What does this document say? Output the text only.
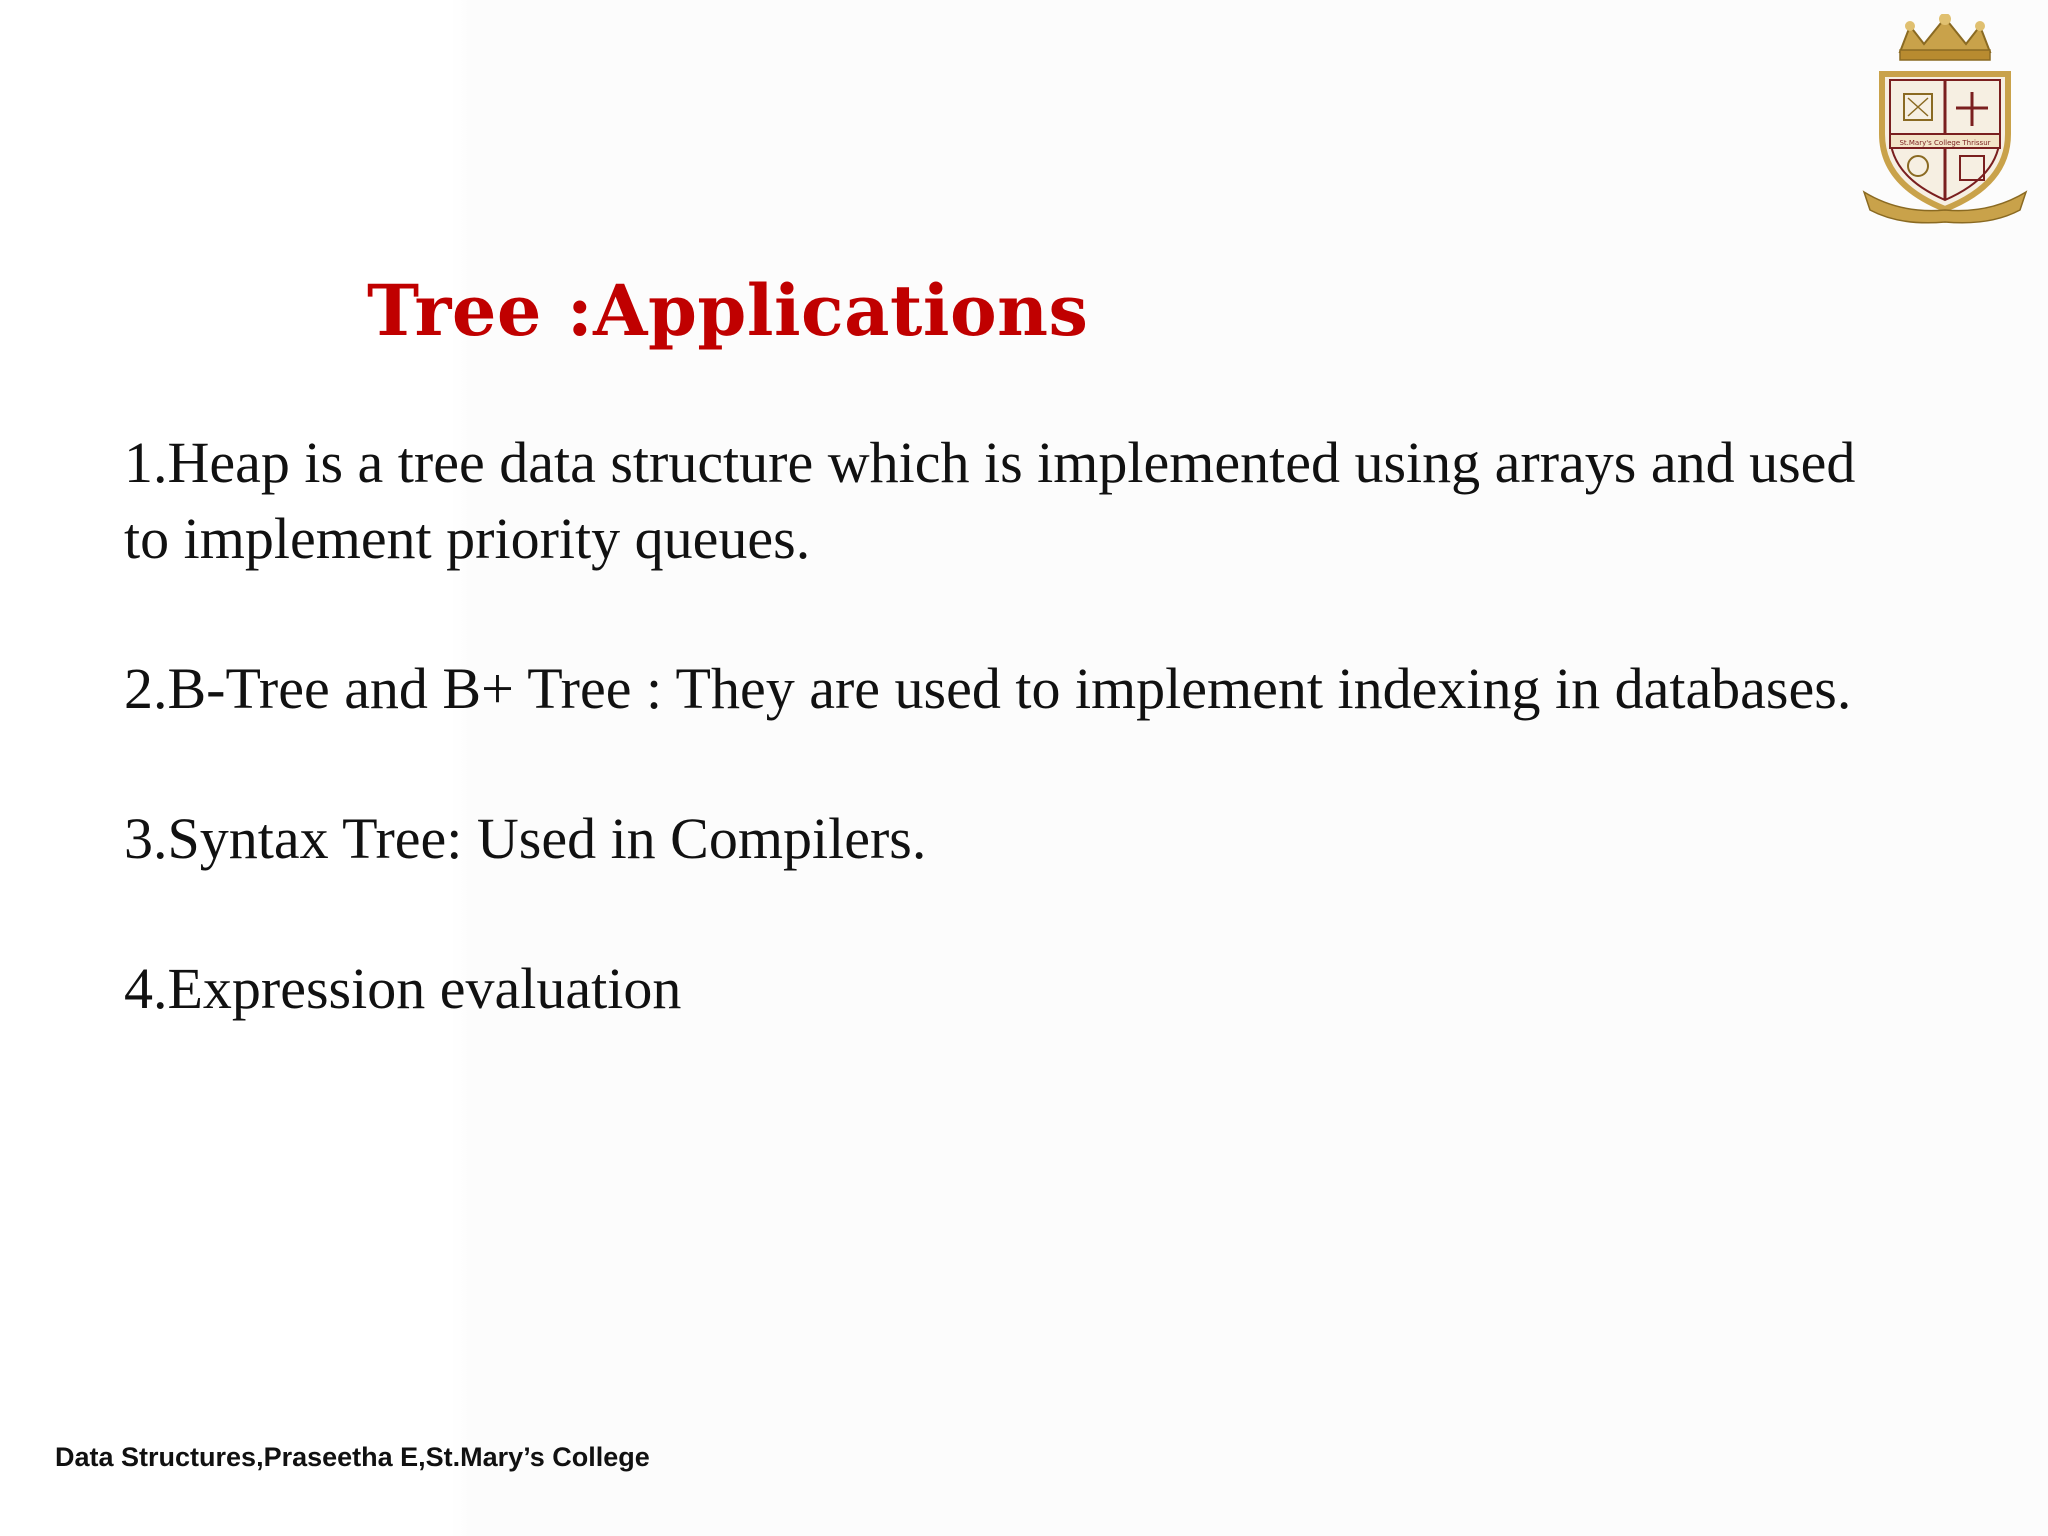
St.Mary's College Thrissur
Tree :Applications

1.Heap is a tree data structure which is implemented using arrays and used to implement priority queues.

2.B-Tree and B+ Tree : They are used to implement indexing in databases.

3.Syntax Tree: Used in Compilers.

4.Expression evaluation

Data Structures,Praseetha E,St.Mary’s College
